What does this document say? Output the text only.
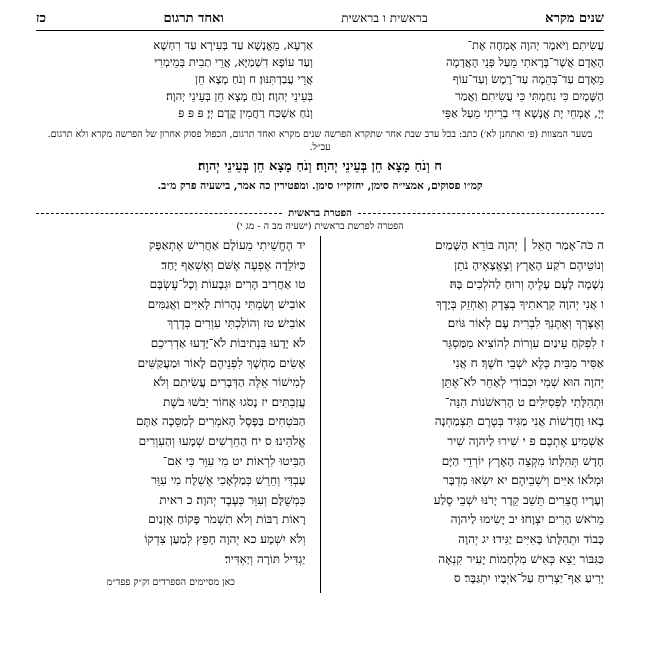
שנים מקרא
בראשית ו בראשית
ואחד תרגום
כז

עֲשִׂיתִם׃ וַיֹּאמֶר יְהוָה אֶמְחֶה אֶת־

הָאָדָם אֲשֶׁר־בָּרָאתִי מֵעַל פְּנֵי הָאֲדָמָה

מֵאָדָם עַד־בְּהֵמָה עַד־רֶמֶשׂ וְעַד־עוֹף

הַשָּׁמָיִם כִּי נִחַמְתִּי כִּי עֲשִׂיתִם׃ וַאֲמַר

יְיָ, אֶמְחֵי יָת אֱנָשָׁא דִּי בְרֵיתִי מֵעַל אַפֵּי

אַרְעָא, מֵאֱנָשָׁא עַד בְּעִירָא עַד רִחְשָׁא

וְעַד עוֹפָא דִשְׁמַיָּא, אֲרֵי תַבִית בְּמֵימְרִי

אֲרֵי עֲבַדְתִּנּוּן׃ ח וְנֹחַ מָצָא חֵן

בְּעֵינֵי יְהוָה׃ וְנֹחַ מָצָא חֵן בְּעֵינֵי יְהוָה׃

וְנֹחַ אַשְׁכַּח רַחֲמִין קֳדָם יְיָ׃ פּ פּ פּ

בשער המצוות (פ׳ ואתחנן לא׳) כתב: בכל ערב שבת אחר שתקרא הפרשה שנים מקרא ואחד תרגום, הכפול פסוק אחרון של הפרשה מקרא ולא תרגום. עכ״ל.
ח וְנֹחַ מָצָא חֵן בְּעֵינֵי יְהוָה׃ וְנֹחַ מָצָא חֵן בְּעֵינֵי יְהוָה׃
קמ״ו פסוקים, אמצי״ה סימן, יחזקי״ו סימן. ומפטירין כה אמר, בישעיה פרק מ״ב.
הפטרת בראשית
הפטרה לפרשת בראשית (ישעיה מב ה - מג י)

ה כֹּה־אָמַר הָאֵל ׀ יְהוָה בּוֹרֵא הַשָּׁמַיִם

וְנוֹטֵיהֶם רֹקַע הָאָרֶץ וְצֶאֱצָאֶיהָ נֹתֵן

נְשָׁמָה לָעָם עָלֶיהָ וְרוּחַ לַהֹלְכִים בָּהּ׃

ו אֲנִי יְהוָה קְרָאתִיךָ בְצֶדֶק וְאַחְזֵק בְּיָדֶךָ

וְאֶצָּרְךָ וְאֶתֶּנְךָ לִבְרִית עָם לְאוֹר גּוֹיִם׃

ז לִפְקֹחַ עֵינַיִם עִוְרוֹת לְהוֹצִיא מִמַּסְגֵּר

אַסִּיר מִבֵּית כֶּלֶא יֹשְׁבֵי חֹשֶׁךְ׃ ח אֲנִי

יְהוָה הוּא שְׁמִי וּכְבוֹדִי לְאַחֵר לֹא־אֶתֵּן

וּתְהִלָּתִי לַפְּסִילִים׃ ט הָרִאשֹׁנוֹת הִנֵּה־

בָאוּ וַחֲדָשׁוֹת אֲנִי מַגִּיד בְּטֶרֶם תִּצְמַחְנָה

אַשְׁמִיעַ אֶתְכֶם׃ פ י שִׁירוּ לַיהוָה שִׁיר

חָדָשׁ תְּהִלָּתוֹ מִקְצֵה הָאָרֶץ יוֹרְדֵי הַיָּם

וּמְלֹאוֹ אִיִּים וְיֹשְׁבֵיהֶם׃ יא יִשְׂאוּ מִדְבָּר

וְעָרָיו חֲצֵרִים תֵּשֵׁב קֵדָר יָרֹנּוּ יֹשְׁבֵי סֶלַע

מֵרֹאשׁ הָרִים יִצְוָחוּ׃ יב יָשִׂימוּ לַיהוָה

כָּבוֹד וּתְהִלָּתוֹ בָּאִיִּים יַגִּידוּ׃ יג יְהוָה

כַּגִּבּוֹר יֵצֵא כְּאִישׁ מִלְחָמוֹת יָעִיר קִנְאָה

יָרִיעַ אַף־יַצְרִיחַ עַל־אֹיְבָיו יִתְגַּבָּר׃ ס

יד הֶחֱשֵׁיתִי מֵעוֹלָם אַחֲרִישׁ אֶתְאַפָּק

כַּיּוֹלֵדָה אֶפְעֶה אֶשֹּׁם וְאֶשְׁאַף יָחַד׃

טו אַחֲרִיב הָרִים וּגְבָעוֹת וְכָל־עֶשְׂבָּם

אוֹבִישׁ וְשַׂמְתִּי נְהָרוֹת לָאִיִּים וַאֲגַמִּים

אוֹבִישׁ׃ טז וְהוֹלַכְתִּי עִוְרִים בְּדֶרֶךְ

לֹא יָדָעוּ בִּנְתִיבוֹת לֹא־יָדְעוּ אַדְרִיכֵם

אָשִׂים מַחְשָׁךְ לִפְנֵיהֶם לָאוֹר וּמַעֲקַשִּׁים

לְמִישׁוֹר אֵלֶּה הַדְּבָרִים עֲשִׂיתִם וְלֹא

עֲזַבְתִּים׃ יז נָסֹגוּ אָחוֹר יֵבֹשׁוּ בֹשֶׁת

הַבֹּטְחִים בַּפָּסֶל הָאֹמְרִים לְמַסֵּכָה אַתֶּם

אֱלֹהֵינוּ׃ ס יח הַחֵרְשִׁים שְׁמָעוּ וְהַעִוְרִים

הַבִּיטוּ לִרְאוֹת׃ יט מִי עִוֵּר כִּי אִם־

עַבְדִּי וְחֵרֵשׁ כְּמַלְאָכִי אֶשְׁלָח מִי עִוֵּר

כִּמְשֻׁלָּם וְעִוֵּר כְּעֶבֶד יְהוָה׃ כ ראית

רָאוֹת רַבּוֹת וְלֹא תִשְׁמֹר פָּקוֹחַ אָזְנַיִם

וְלֹא יִשְׁמָע׃ כא יְהוָה חָפֵץ לְמַעַן צִדְקוֹ

יַגְדִּיל תּוֹרָה וְיַאְדִּיר׃

כאן מסיימים הספרדים וק״ק פפד״מ
